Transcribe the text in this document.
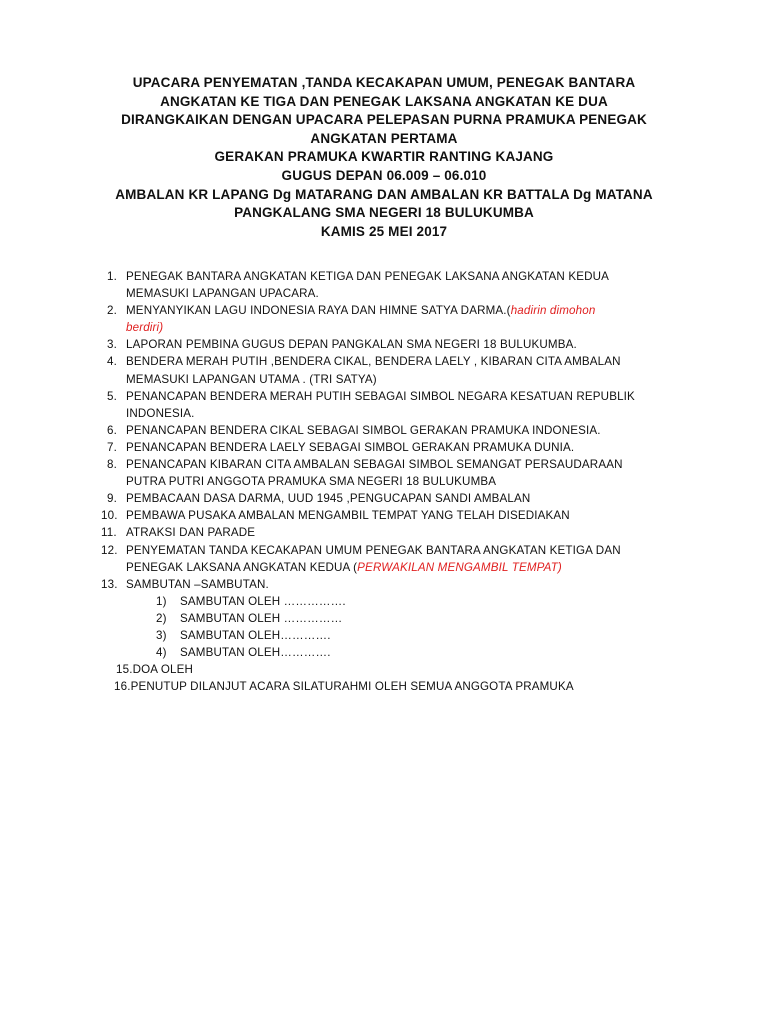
UPACARA PENYEMATAN ,TANDA KECAKAPAN UMUM, PENEGAK BANTARA
ANGKATAN KE TIGA DAN PENEGAK LAKSANA ANGKATAN KE DUA
DIRANGKAIKAN DENGAN UPACARA PELEPASAN PURNA PRAMUKA PENEGAK
ANGKATAN PERTAMA
GERAKAN PRAMUKA KWARTIR RANTING KAJANG
GUGUS DEPAN 06.009 – 06.010
AMBALAN KR LAPANG Dg MATARANG DAN AMBALAN KR BATTALA Dg MATANA
PANGKALANG SMA NEGERI 18 BULUKUMBA
KAMIS 25 MEI 2017
1. PENEGAK BANTARA ANGKATAN KETIGA DAN PENEGAK LAKSANA ANGKATAN KEDUA
MEMASUKI LAPANGAN UPACARA.
2. MENYANYIKAN LAGU INDONESIA RAYA DAN HIMNE SATYA DARMA.(hadirin dimohon
berdiri)
3. LAPORAN PEMBINA GUGUS DEPAN PANGKALAN SMA NEGERI 18 BULUKUMBA.
4. BENDERA MERAH PUTIH ,BENDERA CIKAL, BENDERA LAELY , KIBARAN CITA AMBALAN
MEMASUKI LAPANGAN UTAMA . (TRI SATYA)
5. PENANCAPAN BENDERA MERAH PUTIH SEBAGAI SIMBOL NEGARA KESATUAN REPUBLIK
INDONESIA.
6. PENANCAPAN BENDERA CIKAL SEBAGAI SIMBOL GERAKAN PRAMUKA INDONESIA.
7. PENANCAPAN BENDERA LAELY SEBAGAI SIMBOL GERAKAN PRAMUKA DUNIA.
8. PENANCAPAN KIBARAN CITA AMBALAN SEBAGAI SIMBOL SEMANGAT PERSAUDARAAN
PUTRA PUTRI ANGGOTA PRAMUKA SMA NEGERI 18 BULUKUMBA
9. PEMBACAAN DASA DARMA, UUD 1945 ,PENGUCAPAN SANDI AMBALAN
10. PEMBAWA PUSAKA AMBALAN MENGAMBIL TEMPAT YANG TELAH DISEDIAKAN
11. ATRAKSI DAN PARADE
12. PENYEMATAN TANDA KECAKAPAN UMUM PENEGAK BANTARA ANGKATAN KETIGA DAN
PENEGAK LAKSANA ANGKATAN KEDUA (PERWAKILAN MENGAMBIL TEMPAT)
13. SAMBUTAN –SAMBUTAN.
1) SAMBUTAN OLEH …………….
2) SAMBUTAN OLEH ……………
3) SAMBUTAN OLEH………….
4) SAMBUTAN OLEH………….
15.DOA OLEH
16.PENUTUP DILANJUT ACARA SILATURAHMI OLEH SEMUA ANGGOTA PRAMUKA
